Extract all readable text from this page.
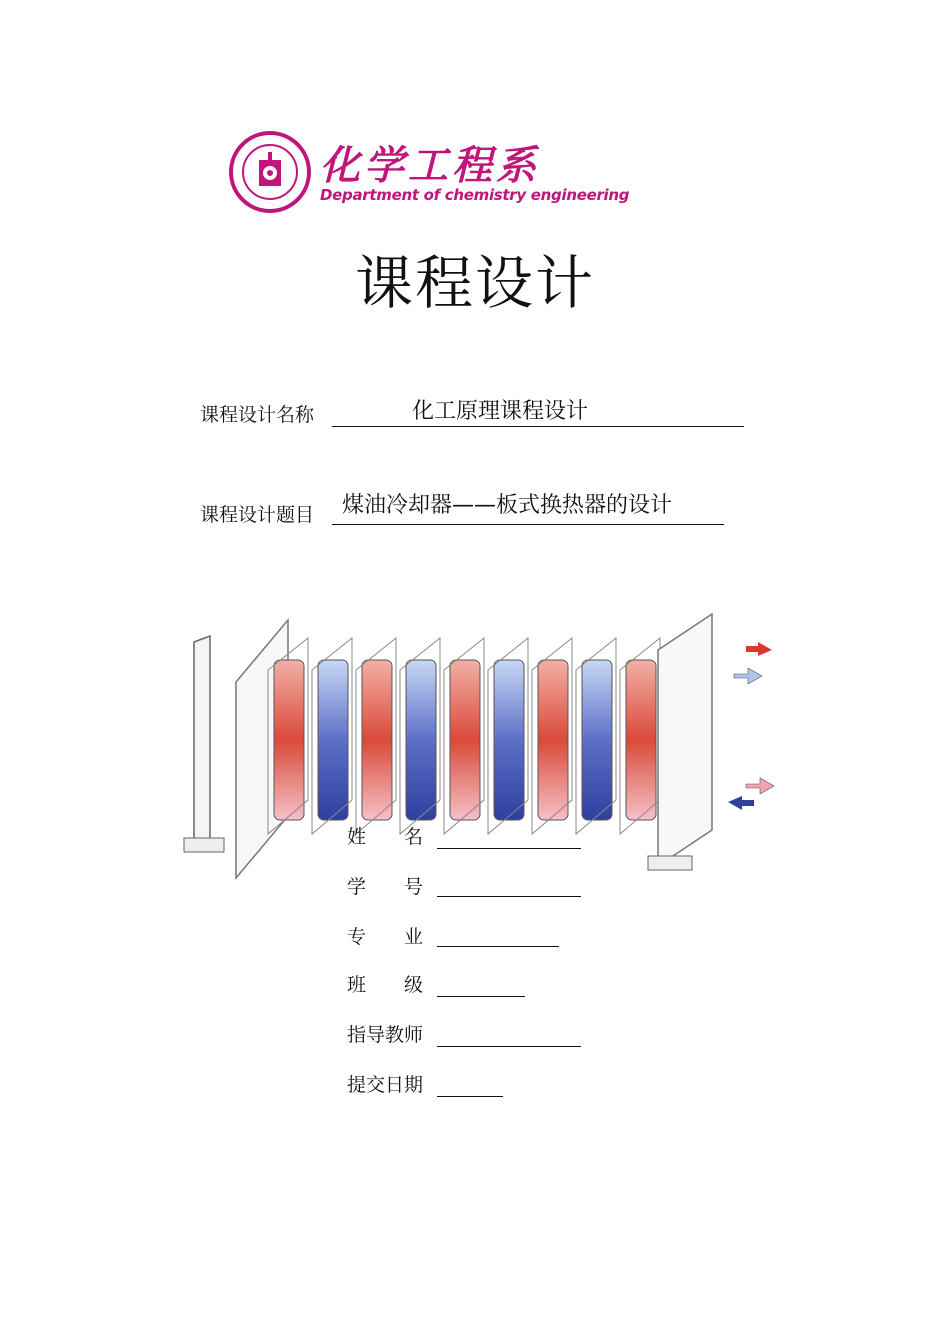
化学工程系
Department of chemistry engineering
课程设计
课程设计名称	化工原理课程设计
课程设计题目 煤油冷却器——板式换热器的设计
姓　　名
学　　号
专　　业
班　　级
指导教师
提交日期
